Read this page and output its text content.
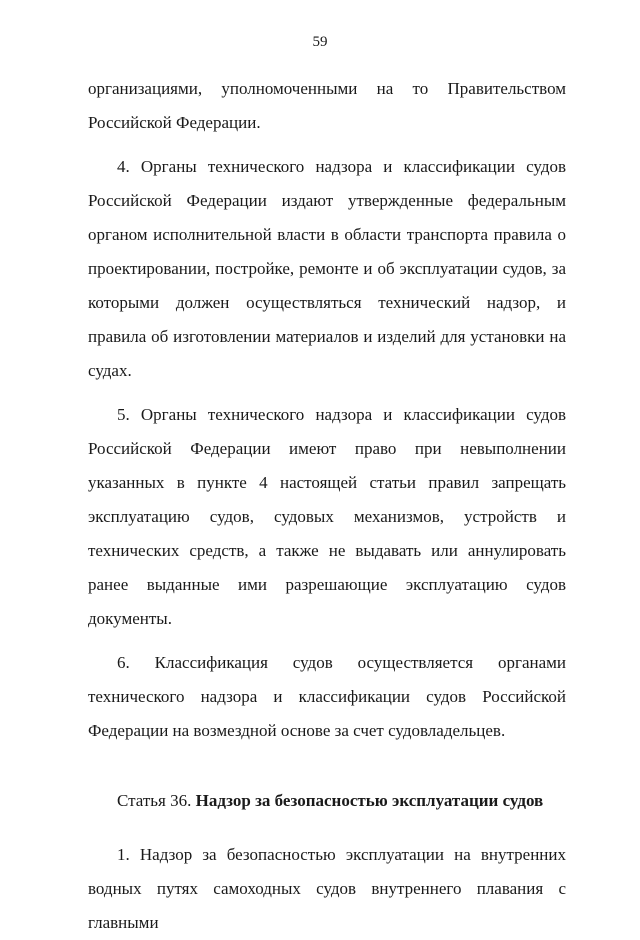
59

организациями, уполномоченными на то Правительством Российской Федерации.

4. Органы технического надзора и классификации судов Российской Федерации издают утвержденные федеральным органом исполнительной власти в области транспорта правила о проектировании, постройке, ремонте и об эксплуатации судов, за которыми должен осуществляться технический надзор, и правила об изготовлении материалов и изделий для установки на судах.

5. Органы технического надзора и классификации судов Российской Федерации имеют право при невыполнении указанных в пункте 4 настоящей статьи правил запрещать эксплуатацию судов, судовых механизмов, устройств и технических средств, а также не выдавать или аннулировать ранее выданные ими разрешающие эксплуатацию судов документы.

6. Классификация судов осуществляется органами технического надзора и классификации судов Российской Федерации на возмездной основе за счет судовладельцев.

Статья 36. Надзор за безопасностью эксплуатации судов

1. Надзор за безопасностью эксплуатации на внутренних водных путях самоходных судов внутреннего плавания с главными
